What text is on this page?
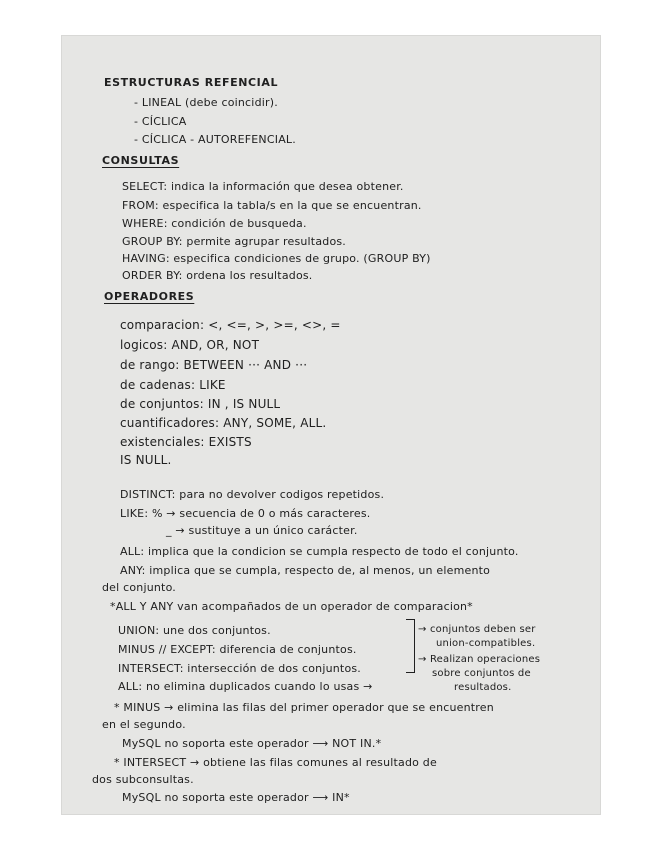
ESTRUCTURAS REFENCIAL
- LINEAL (debe coincidir).
- CÍCLICA
- CÍCLICA - AUTOREFENCIAL.
CONSULTAS
SELECT: indica la información que desea obtener.
FROM: especifica la tabla/s en la que se encuentran.
WHERE: condición de busqueda.
GROUP BY: permite agrupar resultados.
HAVING: especifica condiciones de grupo. (GROUP BY)
ORDER BY: ordena los resultados.
OPERADORES
comparacion: <, <=, >, >=, <>, =
logicos: AND, OR, NOT
de rango: BETWEEN ··· AND ···
de cadenas: LIKE
de conjuntos: IN , IS NULL
cuantificadores: ANY, SOME, ALL.
existenciales: EXISTS
IS NULL.
DISTINCT: para no devolver codigos repetidos.
LIKE: % → secuencia de 0 o más caracteres.
_ → sustituye a un único carácter.
ALL: implica que la condicion se cumpla respecto de todo el conjunto.
ANY: implica que se cumpla, respecto de, al menos, un elemento
del conjunto.
*ALL Y ANY van acompañados de un operador de comparacion*
UNION: une dos conjuntos.
MINUS // EXCEPT: diferencia de conjuntos.
INTERSECT: intersección de dos conjuntos.
ALL: no elimina duplicados cuando lo usas →
→ conjuntos deben ser
union-compatibles.
→ Realizan operaciones
sobre conjuntos de
resultados.
* MINUS → elimina las filas del primer operador que se encuentren
en el segundo.
MySQL no soporta este operador ⟶ NOT IN.*
* INTERSECT → obtiene las filas comunes al resultado de
dos subconsultas.
MySQL no soporta este operador ⟶ IN*
